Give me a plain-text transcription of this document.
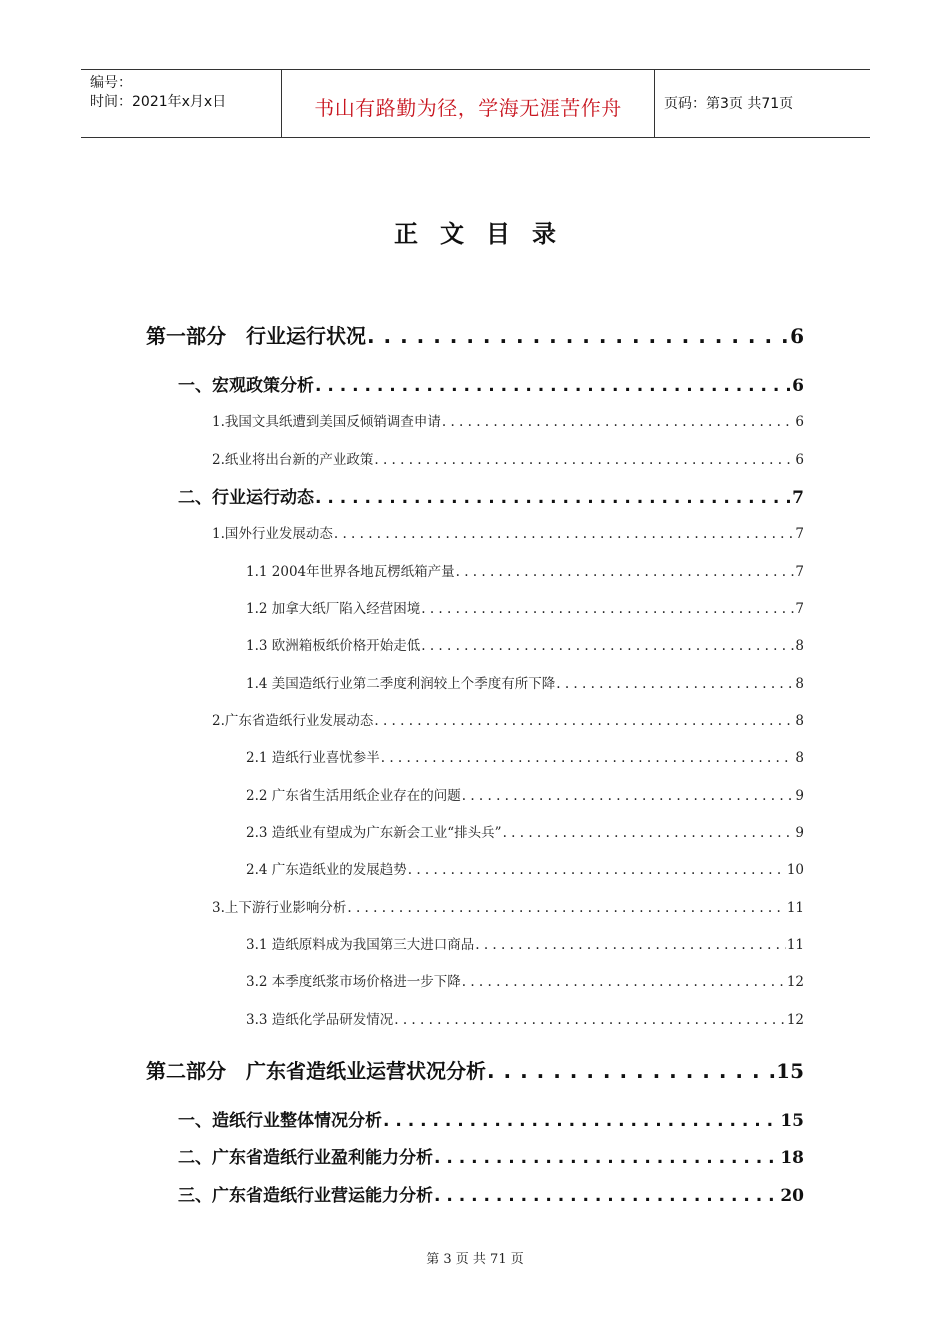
编号：
时间：2021年x月x日	书山有路勤为径，学海无涯苦作舟	页码：第3页 共71页
正文目录
第一部分　行业运行状况 . . .	6
一、宏观政策分析 . . .	6
1.我国文具纸遭到美国反倾销调查申请 . . .	6
2.纸业将出台新的产业政策 . . .	6
二、行业运行动态 . . .	7
1.国外行业发展动态 . . .	7
1.1 2004年世界各地瓦楞纸箱产量 . . .	7
1.2 加拿大纸厂陷入经营困境 . . .	7
1.3 欧洲箱板纸价格开始走低 . . .	8
1.4 美国造纸行业第二季度利润较上个季度有所下降 . . .	8
2.广东省造纸行业发展动态 . . .	8
2.1 造纸行业喜忧参半 . . .	8
2.2 广东省生活用纸企业存在的问题 . . .	9
2.3 造纸业有望成为广东新会工业“排头兵” . . .	9
2.4 广东造纸业的发展趋势 . . .	10
3.上下游行业影响分析 . . .	11
3.1 造纸原料成为我国第三大进口商品 . . .	11
3.2 本季度纸浆市场价格进一步下降 . . .	12
3.3 造纸化学品研发情况 . . .	12
第二部分　广东省造纸业运营状况分析 . . .	15
一、造纸行业整体情况分析 . . .	15
二、广东省造纸行业盈利能力分析 . . .	18
三、广东省造纸行业营运能力分析 . . .	20
第 3 页 共 71 页
